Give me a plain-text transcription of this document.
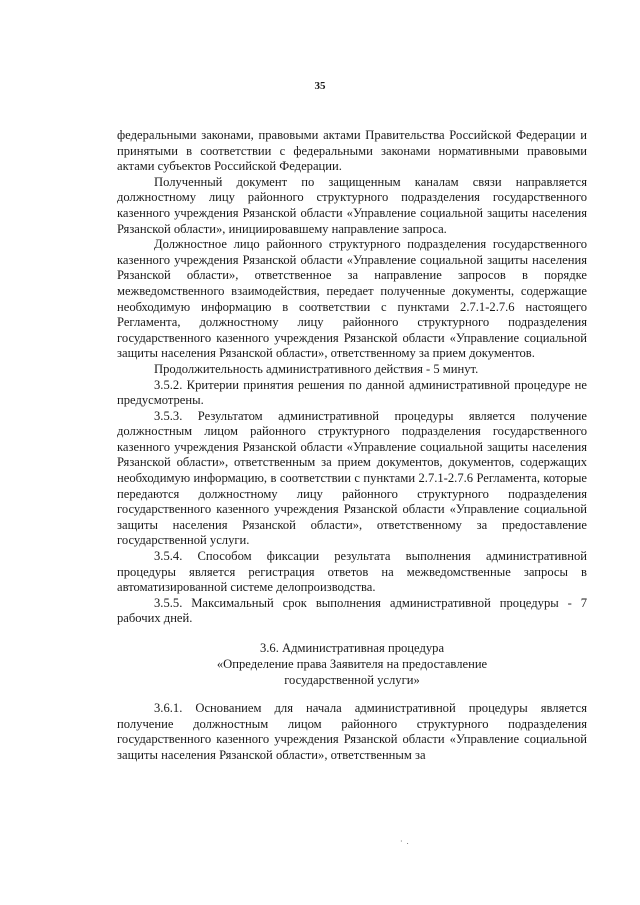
35

федеральными законами, правовыми актами Правительства Российской Федерации и принятыми в соответствии с федеральными законами нормативными правовыми актами субъектов Российской Федерации.

Полученный документ по защищенным каналам связи направляется должностному лицу районного структурного подразделения государственного казенного учреждения Рязанской области «Управление социальной защиты населения Рязанской области», инициировавшему направление запроса.

Должностное лицо районного структурного подразделения государственного казенного учреждения Рязанской области «Управление социальной защиты населения Рязанской области», ответственное за направление запросов в порядке межведомственного взаимодействия, передает полученные документы, содержащие необходимую информацию в соответствии с пунктами 2.7.1-2.7.6 настоящего Регламента, должностному лицу районного структурного подразделения государственного казенного учреждения Рязанской области «Управление социальной защиты населения Рязанской области», ответственному за прием документов.

Продолжительность административного действия - 5 минут.

3.5.2. Критерии принятия решения по данной административной процедуре не предусмотрены.

3.5.3. Результатом административной процедуры является получение должностным лицом районного структурного подразделения государственного казенного учреждения Рязанской области «Управление социальной защиты населения Рязанской области», ответственным за прием документов, документов, содержащих необходимую информацию, в соответствии с пунктами 2.7.1-2.7.6 Регламента, которые передаются должностному лицу районного структурного подразделения государственного казенного учреждения Рязанской области «Управление социальной защиты населения Рязанской области», ответственному за предоставление государственной услуги.

3.5.4. Способом фиксации результата выполнения административной процедуры является регистрация ответов на межведомственные запросы в автоматизированной системе делопроизводства.

3.5.5. Максимальный срок выполнения административной процедуры - 7 рабочих дней.

3.6. Административная процедура
«Определение права Заявителя на предоставление
государственной услуги»

3.6.1. Основанием для начала административной процедуры является получение должностным лицом районного структурного подразделения государственного казенного учреждения Рязанской области «Управление социальной защиты населения Рязанской области», ответственным за

· .
